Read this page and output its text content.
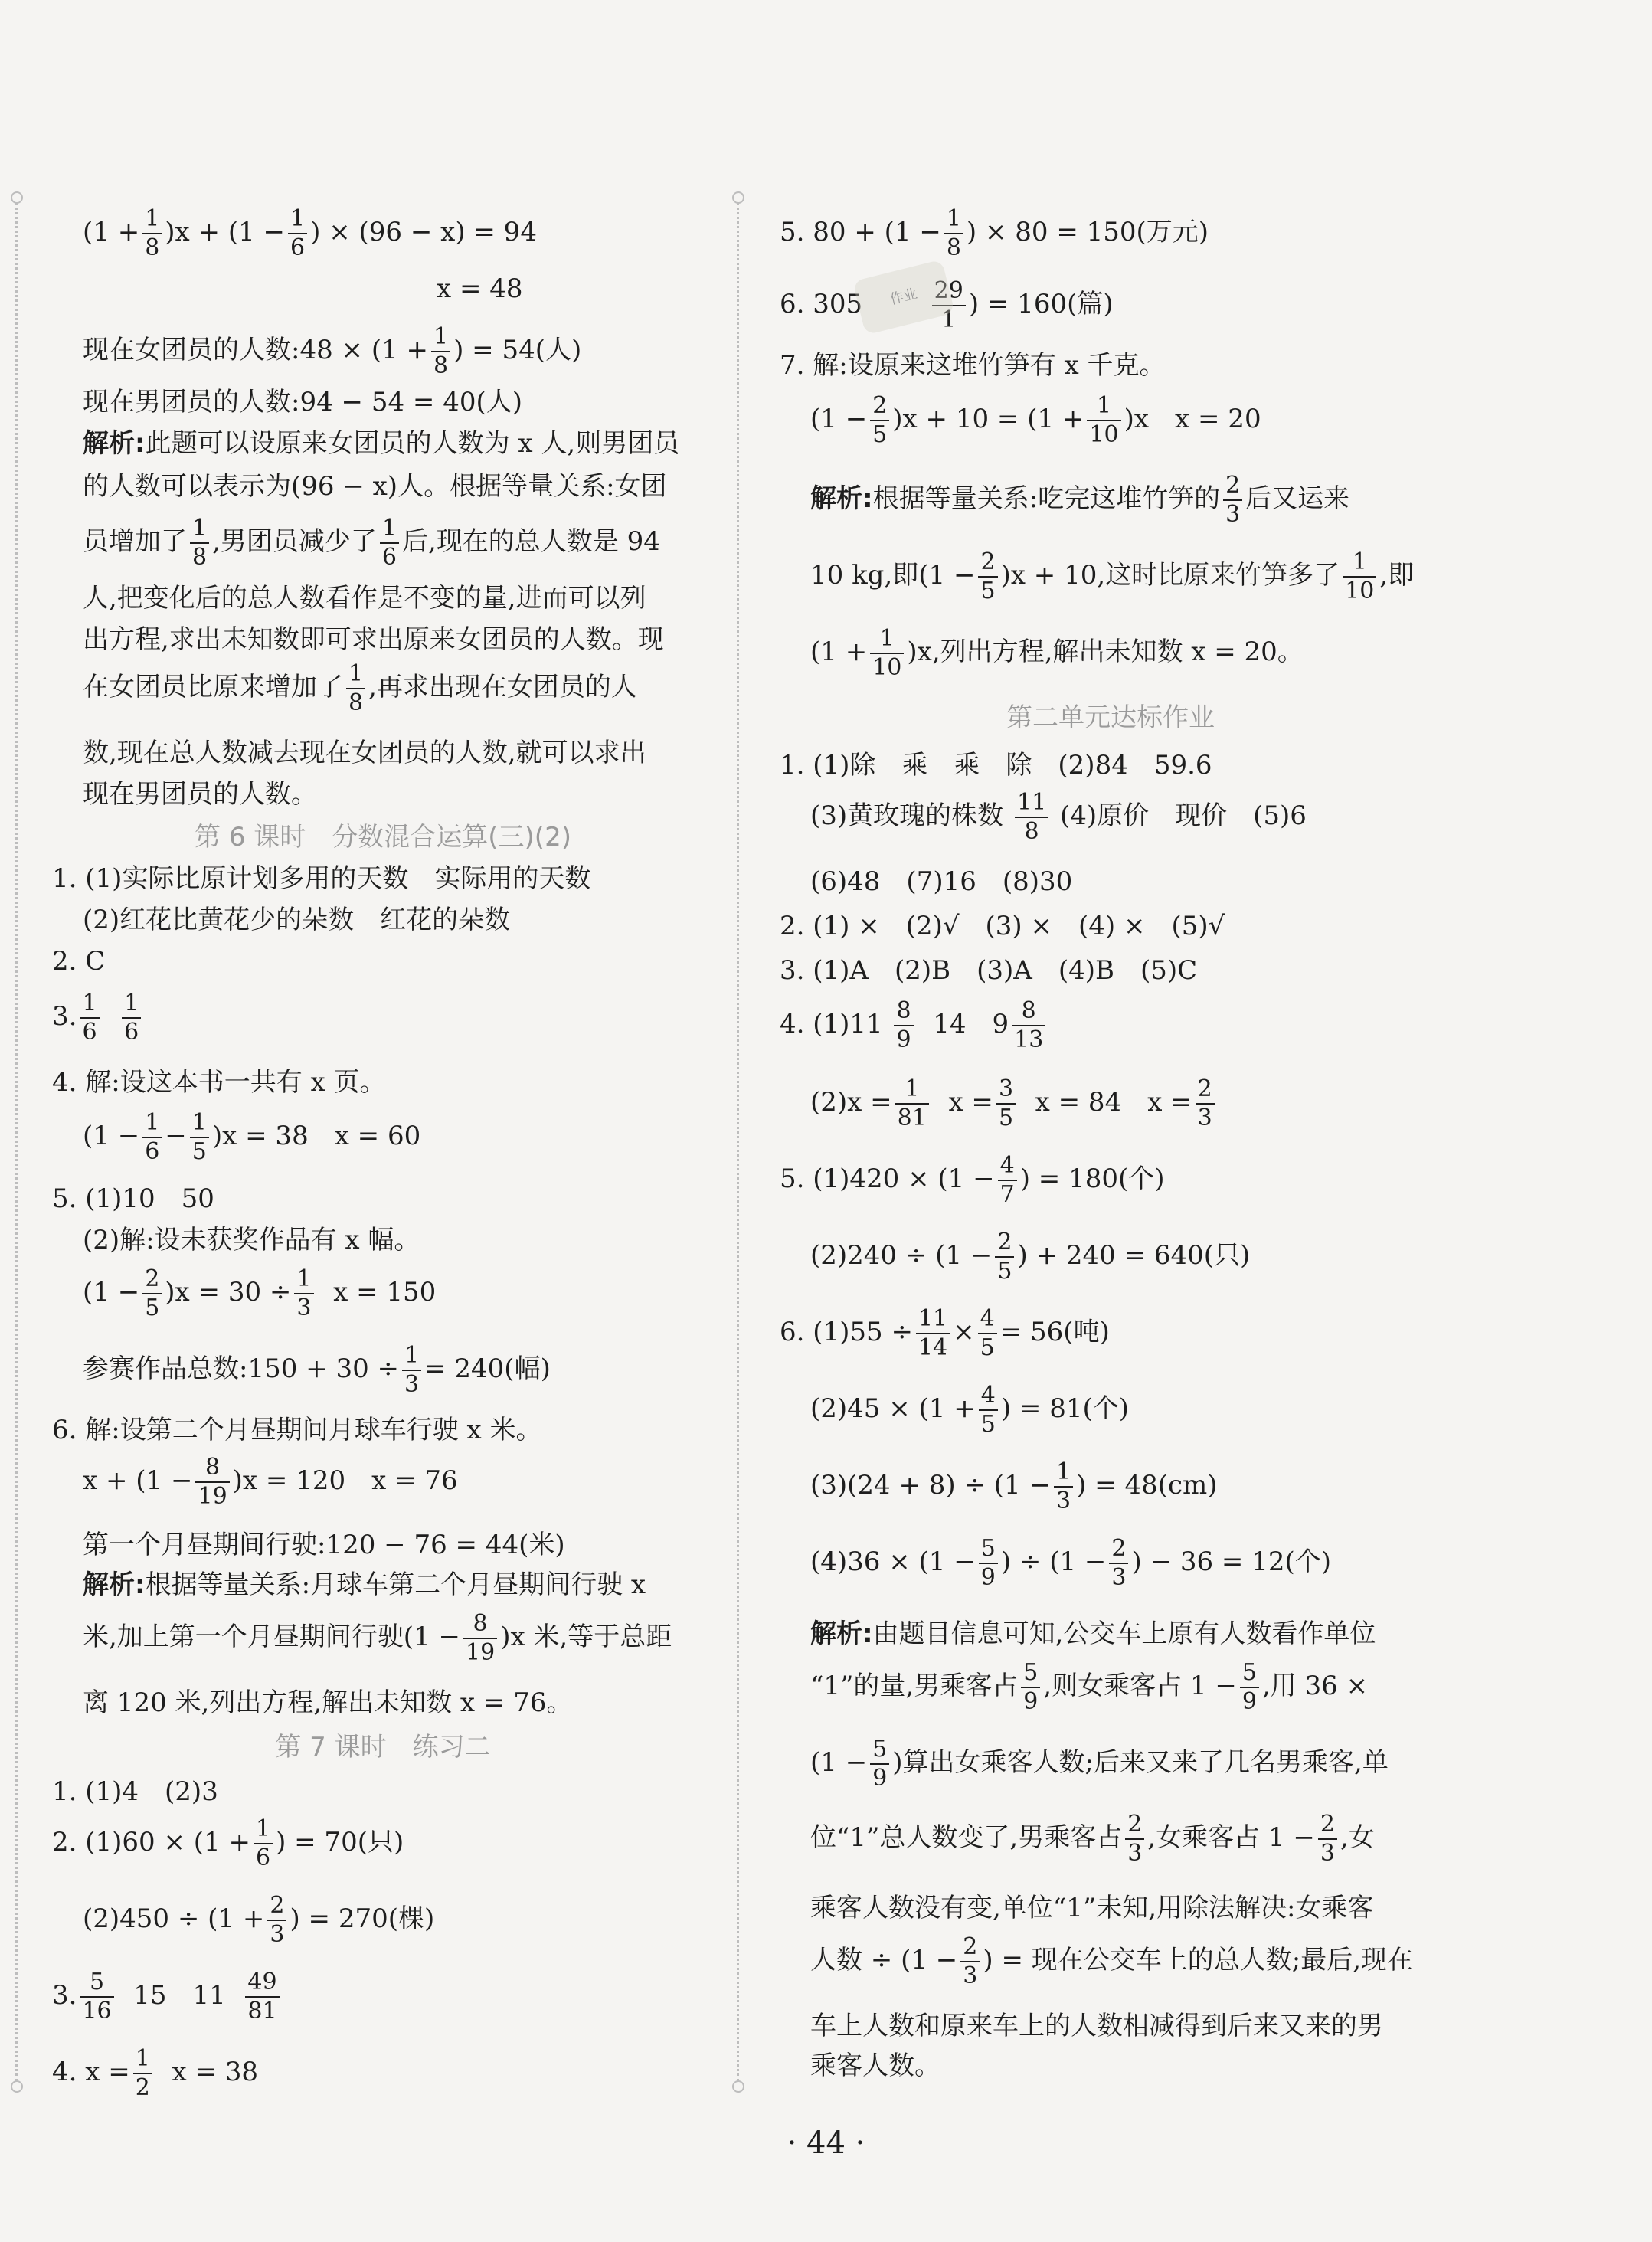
$(1 + \frac{1}{8} )x + (1 - \frac{1}{6}$ ) × (96 − x) = 94
x = 48
现在女团员的人数:48 × ($1 + \frac{1}{8}$ ) = 54(人)
现在男团员的人数:94 − 54 = 40(人)
解析:此题可以设原来女团员的人数为 x 人,则男团员
的人数可以表示为(96 − x)人。根据等量关系:女团
员增加了 $\frac{1}{8}$ ,男团员减少了 $\frac{1}{6}$ 后,现在的总人数是 94
人,把变化后的总人数看作是不变的量,进而可以列
出方程,求出未知数即可求出原来女团员的人数。现
在女团员比原来增加了 $\frac{1}{8}$ ,再求出现在女团员的人
数,现在总人数减去现在女团员的人数,就可以求出
现在男团员的人数。
第 6 课时　分数混合运算(三)(2)
1. (1)实际比原计划多用的天数　实际用的天数
(2)红花比黄花少的朵数　红花的朵数
2. C
3. $\frac{1}{6}$
$\frac{1}{6}$
4. 解:设这本书一共有 x 页。
$(1 - \frac{1}{6} - \frac{1}{5} )x = 38$　x = 60
5. (1)10　50
(2)解:设未获奖作品有 x 幅。
$(1 - \frac{2}{5} )x = 30 \div \frac{1}{3}$ x = 150
参赛作品总数:150 + $30 \div \frac{1}{3} = 240$(幅)
6. 解:设第二个月昼期间月球车行驶 x 米。
$x + (1 - \frac{8}{19} )x = 120$　x = 76
第一个月昼期间行驶:120 − 76 = 44(米)
解析:根据等量关系:月球车第二个月昼期间行驶 x
米,加上第一个月昼期间行驶$(1 - \frac{8}{19} )x$ 米,等于总距
离 120 米,列出方程,解出未知数 x = 76。
第 7 课时　练习二
1. (1)4　(2)3
2. $(1)60 \times (1 + \frac{1}{6}$ ) = 70(只)
$(2)450 \div (1 + \frac{2}{3}$ ) = 270(棵)
3. $\frac{5}{16} 15$　$11 \frac{49}{81}$
4. $x = \frac{1}{2}$ x = 38
5. $80 + (1 - \frac{1}{8}$ ) × 80 = 150(万元)
6. 305	$\frac{29}{1}$ ) = 160(篇)
7. 解:设原来这堆竹笋有 x 千克。
$(1 - \frac{2}{5} )x + 10 = (1 + \frac{1}{10} )x$　x = 20
解析:根据等量关系:吃完这堆竹笋的 $\frac{2}{3}$ 后又运来
10 kg,即$(1 - \frac{2}{5} )x + 10$,这时比原来竹笋多了 $\frac{1}{10}$ ,即
$(1 + \frac{1}{10} )x$,列出方程,解出未知数 x = 20。
第二单元达标作业
1. (1)除　乘　乘　除　(2)84　59.6
(3)黄玫瑰的株数 $\frac{11}{8} (4)$原价　现价　(5)6
(6)48　(7)16　(8)30
2. (1) ×　(2)√　(3) ×　(4) ×　(5)√
3. (1)A　(2)B　(3)A　(4)B　(5)C
4. $(1)11 \frac{8}{9} 14$　$9 \frac{8}{13}$
$(2)x = \frac{1}{81}$ $x = \frac{3}{5}$ x = 84　$x = \frac{2}{3}$
5. $(1)420 \times (1 - \frac{4}{7}$ ) = 180(个)
$(2)240 \div (1 - \frac{2}{5}$ ) + 240 = 640(只)
6. $(1)55 \div \frac{11}{14} \times \frac{4}{5} = 56$(吨)
$(2)45 \times (1 + \frac{4}{5}$ ) = 81(个)
$(3)(24 + 8) \div (1 - \frac{1}{3}$ ) = 48(cm)
$(4)36 \times (1 - \frac{5}{9}$ ) ÷ ($1 - \frac{2}{3}$ ) − 36 = 12(个)
解析:由题目信息可知,公交车上原有人数看作单位
“1”的量,男乘客占 $\frac{5}{9}$ ,则女乘客占 $1 - \frac{5}{9}$ ,用 36 ×
($1 - \frac{5}{9}$ )算出女乘客人数;后来又来了几名男乘客,单
位“1”总人数变了,男乘客占 $\frac{2}{3}$ ,女乘客占 $1 - \frac{2}{3}$ ,女
乘客人数没有变,单位“1”未知,用除法解决:女乘客
人数 ÷ ($1 - \frac{2}{3}$ ) = 现在公交车上的总人数;最后,现在
车上人数和原来车上的人数相减得到后来又来的男
乘客人数。
作业
· 44 ·
